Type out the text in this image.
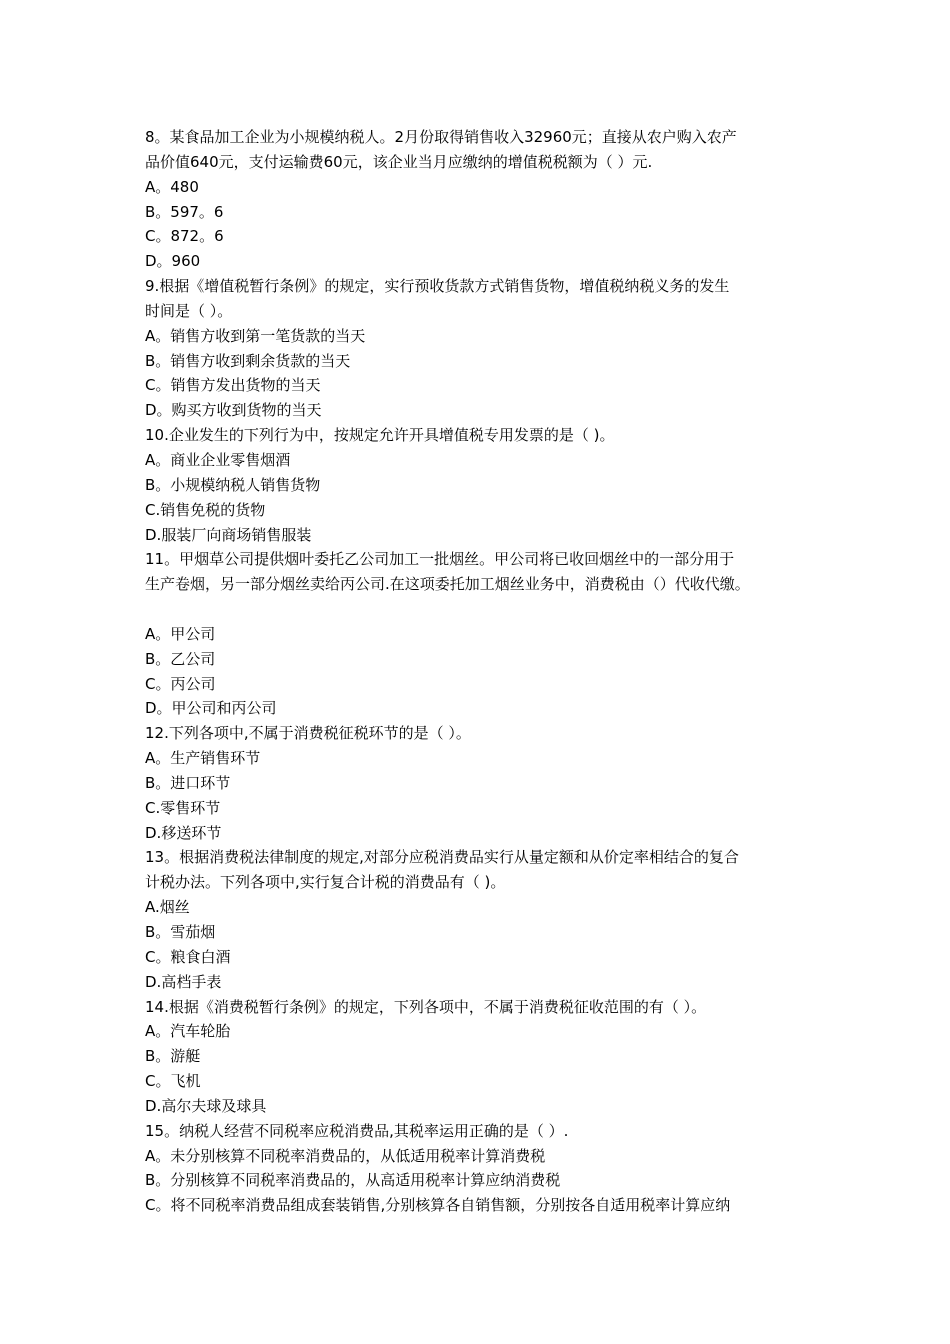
8。某食品加工企业为小规模纳税人。2月份取得销售收入32960元；直接从农户购入农产
品价值640元，支付运输费60元，该企业当月应缴纳的增值税税额为（ ）元.
A。480
B。597。6
C。872。6
D。960
9.根据《增值税暂行条例》的规定，实行预收货款方式销售货物，增值税纳税义务的发生
时间是（ ）。
A。销售方收到第一笔货款的当天
B。销售方收到剩余货款的当天
C。销售方发出货物的当天
D。购买方收到货物的当天
10.企业发生的下列行为中，按规定允许开具增值税专用发票的是（ )。
A。商业企业零售烟酒
B。小规模纳税人销售货物
C.销售免税的货物
D.服装厂向商场销售服装
11。甲烟草公司提供烟叶委托乙公司加工一批烟丝。甲公司将已收回烟丝中的一部分用于
生产卷烟，另一部分烟丝卖给丙公司.在这项委托加工烟丝业务中，消费税由（）代收代缴。
A。甲公司
B。乙公司
C。丙公司
D。甲公司和丙公司
12.下列各项中,不属于消费税征税环节的是（ ）。
A。生产销售环节
B。进口环节
C.零售环节
D.移送环节
13。根据消费税法律制度的规定,对部分应税消费品实行从量定额和从价定率相结合的复合
计税办法。下列各项中,实行复合计税的消费品有（ )。
A.烟丝
B。雪茄烟
C。粮食白酒
D.高档手表
14.根据《消费税暂行条例》的规定，下列各项中，不属于消费税征收范围的有（ ）。
A。汽车轮胎
B。游艇
C。飞机
D.高尔夫球及球具
15。纳税人经营不同税率应税消费品,其税率运用正确的是（ ）.
A。未分别核算不同税率消费品的，从低适用税率计算消费税
B。分别核算不同税率消费品的，从高适用税率计算应纳消费税
C。将不同税率消费品组成套装销售,分别核算各自销售额，分别按各自适用税率计算应纳
